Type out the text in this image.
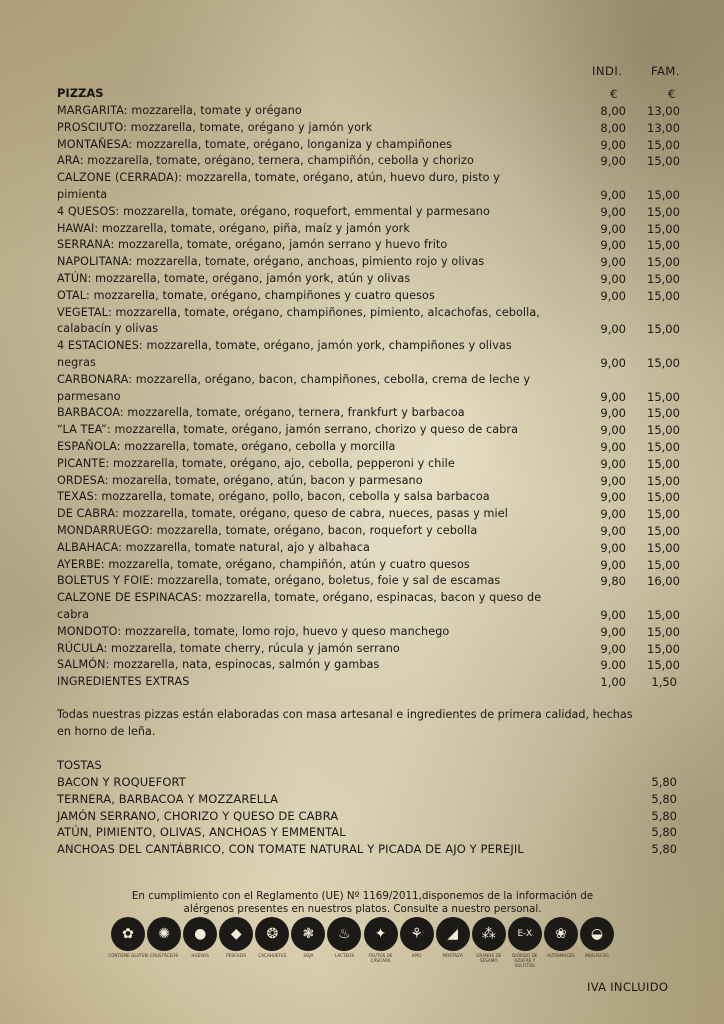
INDI. FAM.
€	€
PIZZAS
MARGARITA: mozzarella, tomate y orégano	8,00 13,00
PROSCIUTO: mozzarella, tomate, orégano y jamón york	8,00 13,00
MONTAÑESA: mozzarella, tomate, orégano, longaniza y champiñones	9,00 15,00
ARA: mozzarella, tomate, orégano, ternera, champiñón, cebolla y chorizo	9,00 15,00
CALZONE (CERRADA): mozzarella, tomate, orégano, atún, huevo duro, pisto y pimienta	9,00 15,00
4 QUESOS: mozzarella, tomate, orégano, roquefort, emmental y parmesano	9,00 15,00
HAWAI: mozzarella, tomate, orégano, piña, maíz y jamón york	9,00 15,00
SERRANA: mozzarella, tomate, orégano, jamón serrano y huevo frito	9,00 15,00
NAPOLITANA: mozzarella, tomate, orégano, anchoas, pimiento rojo y olivas	9,00 15,00
ATÚN: mozzarella, tomate, orégano, jamón york, atún y olivas	9,00 15,00
OTAL: mozzarella, tomate, orégano, champiñones y cuatro quesos	9,00 15,00
VEGETAL: mozzarella, tomate, orégano, champiñones, pimiento, alcachofas, cebolla, calabacín y olivas	9,00 15,00
4 ESTACIONES: mozzarella, tomate, orégano, jamón york, champiñones y olivas negras	9,00 15,00
CARBONARA: mozzarella, orégano, bacon, champiñones, cebolla, crema de leche y parmesano	9,00 15,00
BARBACOA: mozzarella, tomate, orégano, ternera, frankfurt y barbacoa	9,00 15,00
“LA TEA”: mozzarella, tomate, orégano, jamón serrano, chorizo y queso de cabra	9,00 15,00
ESPAÑOLA: mozzarella, tomate, orégano, cebolla y morcilla	9,00 15,00
PICANTE: mozzarella, tomate, orégano, ajo, cebolla, pepperoni y chile	9,00 15,00
ORDESA: mozarella, tomate, orégano, atún, bacon y parmesano	9,00 15,00
TEXAS: mozzarella, tomate, orégano, pollo, bacon, cebolla y salsa barbacoa	9,00 15,00
DE CABRA: mozzarella, tomate, orégano, queso de cabra, nueces, pasas y miel	9,00 15,00
MONDARRUEGO: mozzarella, tomate, orégano, bacon, roquefort y cebolla	9,00 15,00
ALBAHACA: mozzarella, tomate natural, ajo y albahaca	9,00 15,00
AYERBE: mozzarella, tomate, orégano, champiñón, atún y cuatro quesos	9,00 15,00
BOLETUS Y FOIE: mozzarella, tomate, orégano, boletus, foie y sal de escamas	9,80 16,00
CALZONE DE ESPINACAS: mozzarella, tomate, orégano, espinacas, bacon y queso de cabra	9,00 15,00
MONDOTO: mozzarella, tomate, lomo rojo, huevo y queso manchego	9,00 15,00
RÚCULA: mozzarella, tomate cherry, rúcula y jamón serrano	9,00 15,00
SALMÓN: mozzarella, nata, espinocas, salmón y gambas	9.00 15,00
INGREDIENTES EXTRAS	1,00	1,50
Todas nuestras pizzas están elaboradas con masa artesanal e ingredientes de primera calidad, hechas en horno de leña.
TOSTAS
BACON Y ROQUEFORT	5,80
TERNERA, BARBACOA Y MOZZARELLA	5,80
JAMÓN SERRANO, CHORIZO Y QUESO DE CABRA	5,80
ATÚN, PIMIENTO, OLIVAS, ANCHOAS Y EMMENTAL	5,80
ANCHOAS DEL CANTÁBRICO, CON TOMATE NATURAL Y PICADA DE AJO Y PEREJIL	5,80
En cumplimiento con el Reglamento (UE) Nº 1169/2011,disponemos de la información de alérgenos presentes en nuestros platos. Consulte a nuestro personal.
✿
CONTIENE GLUTEN
✺
CRUSTÁCEOS
●
HUEVOS
◆
PESCADO
❂
CACAHUETES
❃
SOJA
♨
LÁCTEOS
✦
FRUTOS DE CÁSCARA
⚘
APIO
◢
MOSTAZA
⁂
GRANOS DE SÉSAMO
E-X
DIÓXIDO DE AZUFRE Y SULFITOS
❀
ALTRAMUCES
◒
MOLUSCOS
IVA INCLUIDO
